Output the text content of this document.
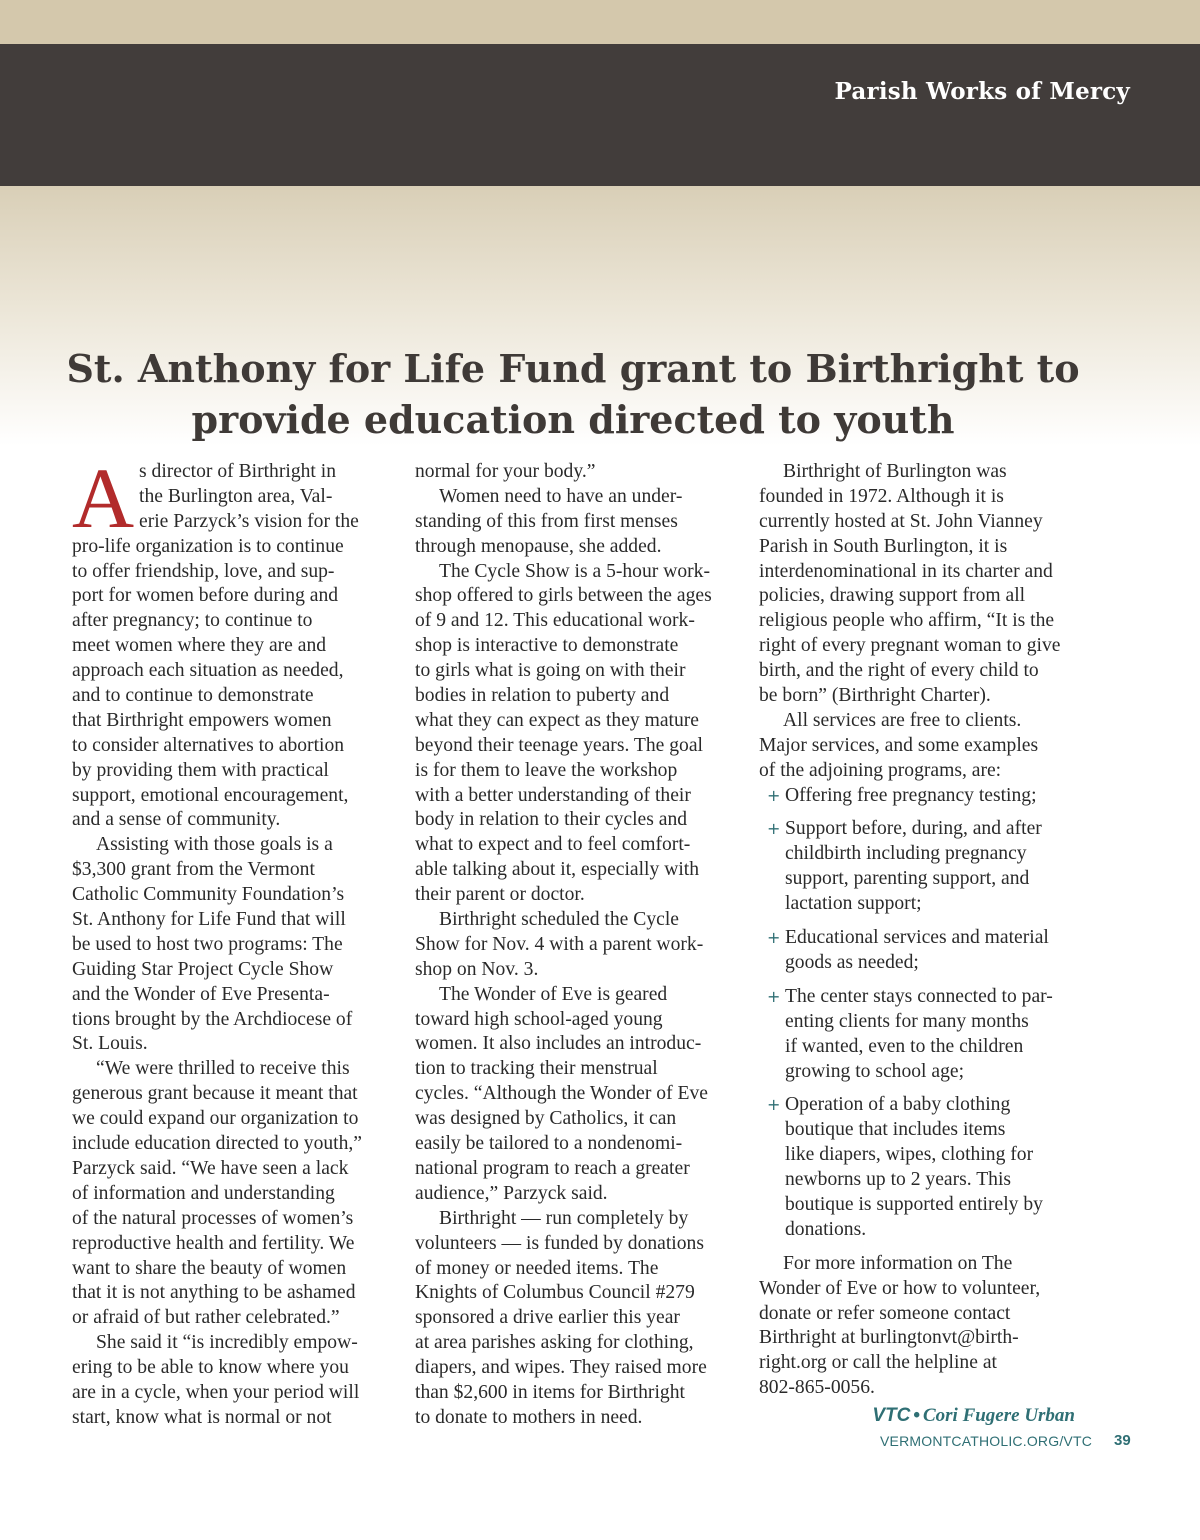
Parish Works of Mercy
St. Anthony for Life Fund grant to Birthright to
provide education directed to youth
A s director of Birthright in
the Burlington area, Val-
erie Parzyck’s vision for the
pro-life organization is to continue
to offer friendship, love, and sup-
port for women before during and
after pregnancy; to continue to
meet women where they are and
approach each situation as needed,
and to continue to demonstrate
that Birthright empowers women
to consider alternatives to abortion
by providing them with practical
support, emotional encouragement,
and a sense of community.
Assisting with those goals is a
$3,300 grant from the Vermont
Catholic Community Foundation’s
St. Anthony for Life Fund that will
be used to host two programs: The
Guiding Star Project Cycle Show
and the Wonder of Eve Presenta-
tions brought by the Archdiocese of
St. Louis.
“We were thrilled to receive this
generous grant because it meant that
we could expand our organization to
include education directed to youth,”
Parzyck said. “We have seen a lack
of information and understanding
of the natural processes of women’s
reproductive health and fertility. We
want to share the beauty of women
that it is not anything to be ashamed
or afraid of but rather celebrated.”
She said it “is incredibly empow-
ering to be able to know where you
are in a cycle, when your period will
start, know what is normal or not
normal for your body.”
Women need to have an under-
standing of this from first menses
through menopause, she added.
The Cycle Show is a 5-hour work-
shop offered to girls between the ages
of 9 and 12. This educational work-
shop is interactive to demonstrate
to girls what is going on with their
bodies in relation to puberty and
what they can expect as they mature
beyond their teenage years. The goal
is for them to leave the workshop
with a better understanding of their
body in relation to their cycles and
what to expect and to feel comfort-
able talking about it, especially with
their parent or doctor.
Birthright scheduled the Cycle
Show for Nov. 4 with a parent work-
shop on Nov. 3.
The Wonder of Eve is geared
toward high school-aged young
women. It also includes an introduc-
tion to tracking their menstrual
cycles. “Although the Wonder of Eve
was designed by Catholics, it can
easily be tailored to a nondenomi-
national program to reach a greater
audience,” Parzyck said.
Birthright — run completely by
volunteers — is funded by donations
of money or needed items. The
Knights of Columbus Council #279
sponsored a drive earlier this year
at area parishes asking for clothing,
diapers, and wipes. They raised more
than $2,600 in items for Birthright
to donate to mothers in need.
Birthright of Burlington was
founded in 1972. Although it is
currently hosted at St. John Vianney
Parish in South Burlington, it is
interdenominational in its charter and
policies, drawing support from all
religious people who affirm, “It is the
right of every pregnant woman to give
birth, and the right of every child to
be born” (Birthright Charter).
All services are free to clients.
Major services, and some examples
of the adjoining programs, are:
+ Offering free pregnancy testing;
+ Support before, during, and after
childbirth including pregnancy
support, parenting support, and
lactation support;
+ Educational services and material
goods as needed;
+ The center stays connected to par-
enting clients for many months
if wanted, even to the children
growing to school age;
+ Operation of a baby clothing
boutique that includes items
like diapers, wipes, clothing for
newborns up to 2 years. This
boutique is supported entirely by
donations.
For more information on The
Wonder of Eve or how to volunteer,
donate or refer someone contact
Birthright at burlingtonvt@birth-
right.org or call the helpline at
802-865-0056.
VTC • Cori Fugere Urban
VERMONTCATHOLIC.ORG/VTC 39
